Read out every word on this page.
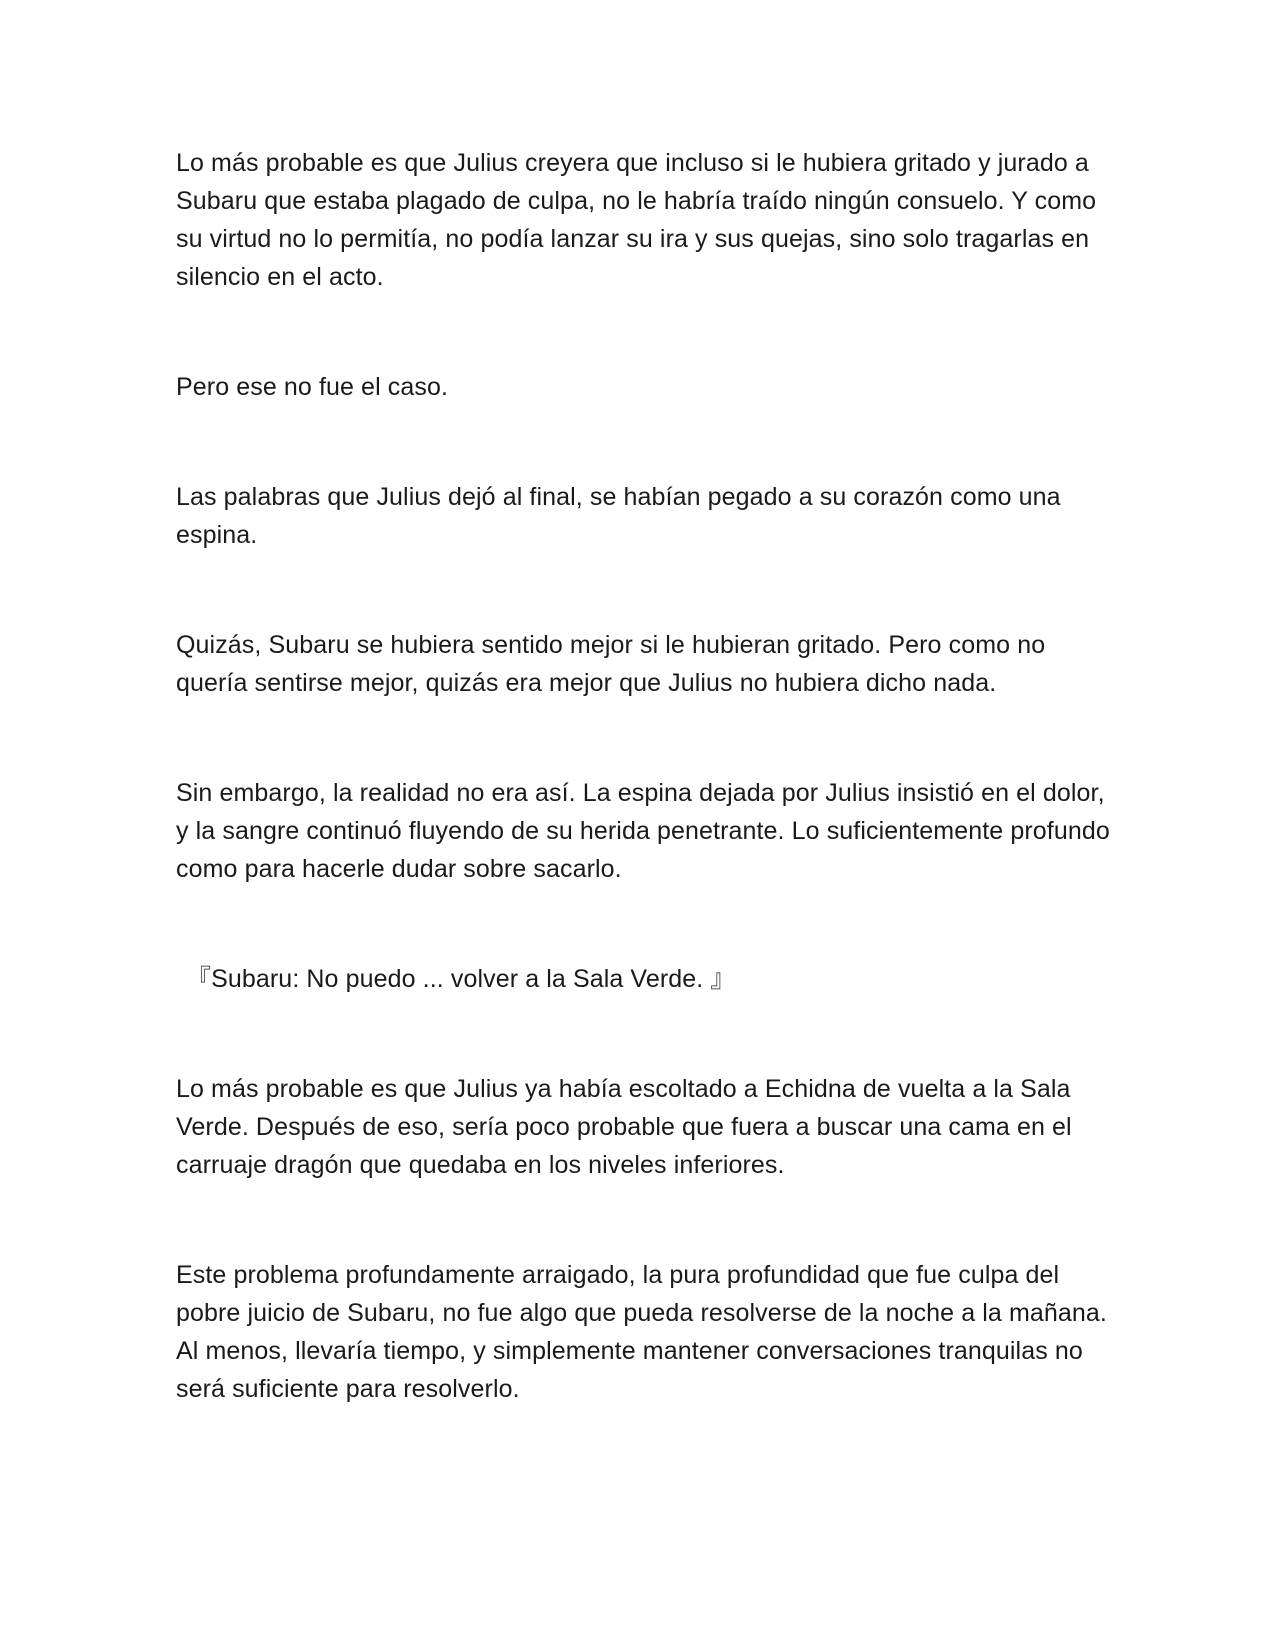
Lo más probable es que Julius creyera que incluso si le hubiera gritado y jurado a Subaru que estaba plagado de culpa, no le habría traído ningún consuelo. Y como su virtud no lo permitía, no podía lanzar su ira y sus quejas, sino solo tragarlas en silencio en el acto.

Pero ese no fue el caso.

Las palabras que Julius dejó al final, se habían pegado a su corazón como una espina.

Quizás, Subaru se hubiera sentido mejor si le hubieran gritado. Pero como no quería sentirse mejor, quizás era mejor que Julius no hubiera dicho nada.

Sin embargo, la realidad no era así. La espina dejada por Julius insistió en el dolor, y la sangre continuó fluyendo de su herida penetrante. Lo suficientemente profundo como para hacerle dudar sobre sacarlo.

『Subaru: No puedo ... volver a la Sala Verde. 』

Lo más probable es que Julius ya había escoltado a Echidna de vuelta a la Sala Verde. Después de eso, sería poco probable que fuera a buscar una cama en el carruaje dragón que quedaba en los niveles inferiores.

Este problema profundamente arraigado, la pura profundidad que fue culpa del pobre juicio de Subaru, no fue algo que pueda resolverse de la noche a la mañana. Al menos, llevaría tiempo, y simplemente mantener conversaciones tranquilas no será suficiente para resolverlo.
